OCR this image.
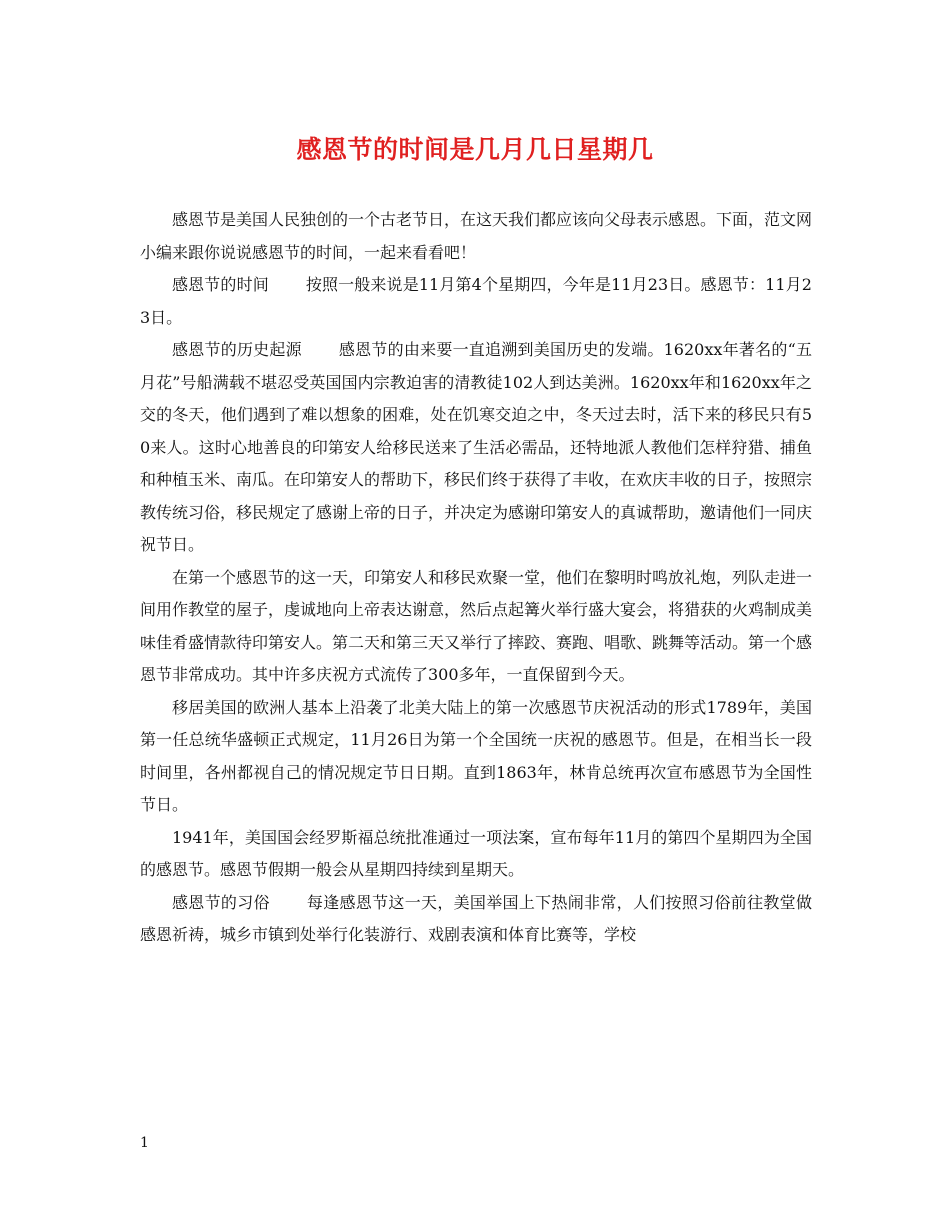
感恩节的时间是几月几日星期几

感恩节是美国人民独创的一个古老节日，在这天我们都应该向父母表示感恩。下面，范文网小编来跟你说说感恩节的时间，一起来看看吧！

感恩节的时间 按照一般来说是11月第4个星期四，今年是11月23日。感恩节：11月23日。

感恩节的历史起源 感恩节的由来要一直追溯到美国历史的发端。1620xx年著名的“五月花”号船满载不堪忍受英国国内宗教迫害的清教徒102人到达美洲。1620xx年和1620xx年之交的冬天，他们遇到了难以想象的困难，处在饥寒交迫之中，冬天过去时，活下来的移民只有50来人。这时心地善良的印第安人给移民送来了生活必需品，还特地派人教他们怎样狩猎、捕鱼和种植玉米、南瓜。在印第安人的帮助下，移民们终于获得了丰收，在欢庆丰收的日子，按照宗教传统习俗，移民规定了感谢上帝的日子，并决定为感谢印第安人的真诚帮助，邀请他们一同庆祝节日。

在第一个感恩节的这一天，印第安人和移民欢聚一堂，他们在黎明时鸣放礼炮，列队走进一间用作教堂的屋子，虔诚地向上帝表达谢意，然后点起篝火举行盛大宴会，将猎获的火鸡制成美味佳肴盛情款待印第安人。第二天和第三天又举行了摔跤、赛跑、唱歌、跳舞等活动。第一个感恩节非常成功。其中许多庆祝方式流传了300多年，一直保留到今天。

移居美国的欧洲人基本上沿袭了北美大陆上的第一次感恩节庆祝活动的形式1789年，美国第一任总统华盛顿正式规定，11月26日为第一个全国统一庆祝的感恩节。但是，在相当长一段时间里，各州都视自己的情况规定节日日期。直到1863年，林肯总统再次宣布感恩节为全国性节日。

1941年，美国国会经罗斯福总统批准通过一项法案，宣布每年11月的第四个星期四为全国的感恩节。感恩节假期一般会从星期四持续到星期天。

感恩节的习俗 每逢感恩节这一天，美国举国上下热闹非常，人们按照习俗前往教堂做感恩祈祷，城乡市镇到处举行化装游行、戏剧表演和体育比赛等，学校

1
